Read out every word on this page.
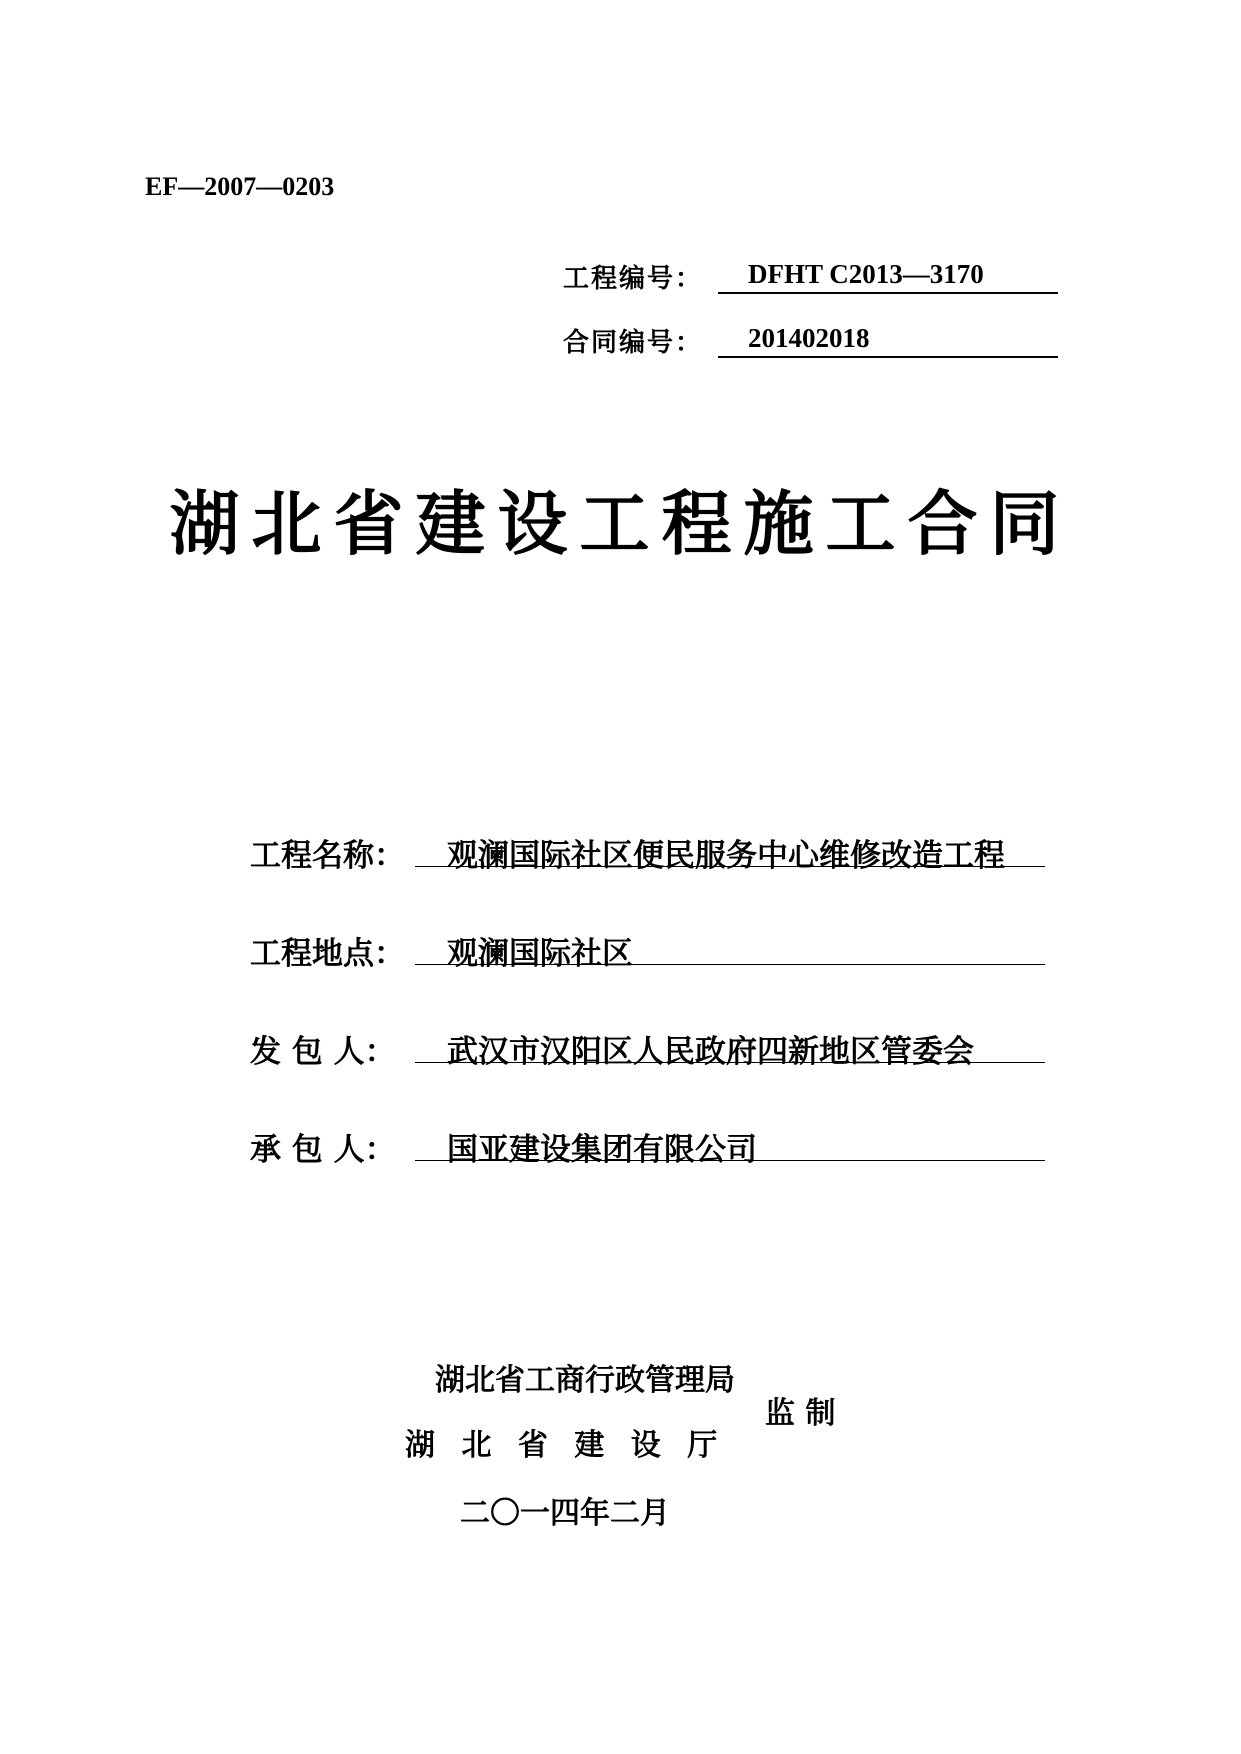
EF—2007—0203
工程编号： DFHT C2013—3170
合同编号： 201402018
湖北省建设工程施工合同
工程名称： 观澜国际社区便民服务中心维修改造工程
工程地点： 观澜国际社区
发 包 人： 武汉市汉阳区人民政府四新地区管委会
承 包 人： 国亚建设集团有限公司
湖北省工商行政管理局
湖 北 省 建 设 厅
监 制
二〇一四年二月
